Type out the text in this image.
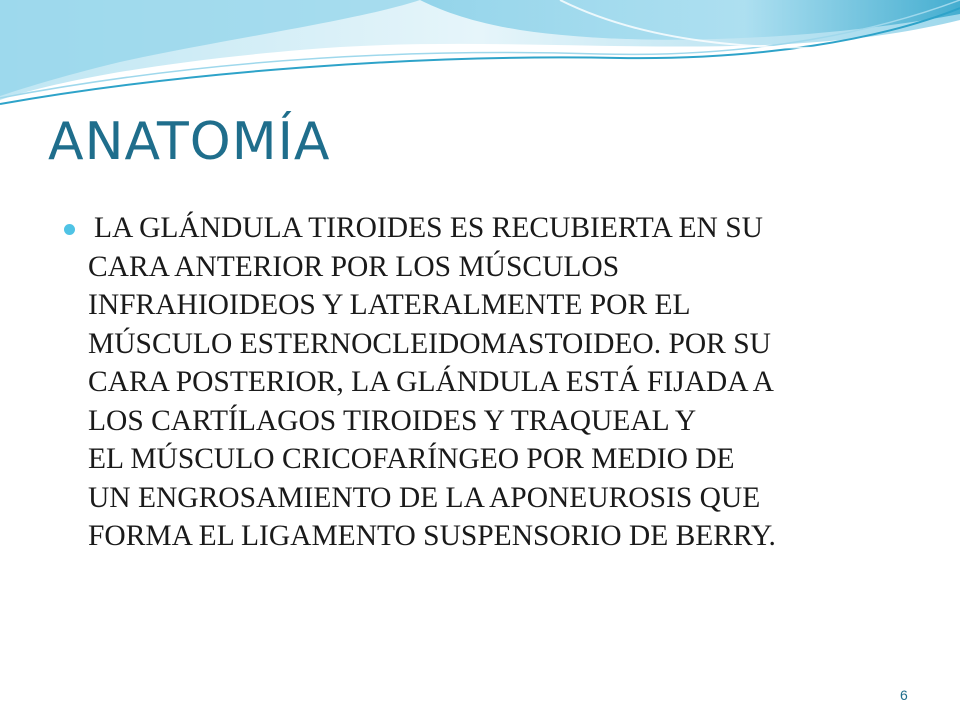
ANATOMÍA

LA GLÁNDULA TIROIDES ES RECUBIERTA EN SU
CARA ANTERIOR POR LOS MÚSCULOS
INFRAHIOIDEOS Y LATERALMENTE POR EL
MÚSCULO ESTERNOCLEIDOMASTOIDEO. POR SU
CARA POSTERIOR, LA GLÁNDULA ESTÁ FIJADA A
LOS CARTÍLAGOS TIROIDES Y TRAQUEAL Y
EL MÚSCULO CRICOFARÍNGEO POR MEDIO DE
UN ENGROSAMIENTO DE LA APONEUROSIS QUE
FORMA EL LIGAMENTO SUSPENSORIO DE BERRY.

6
